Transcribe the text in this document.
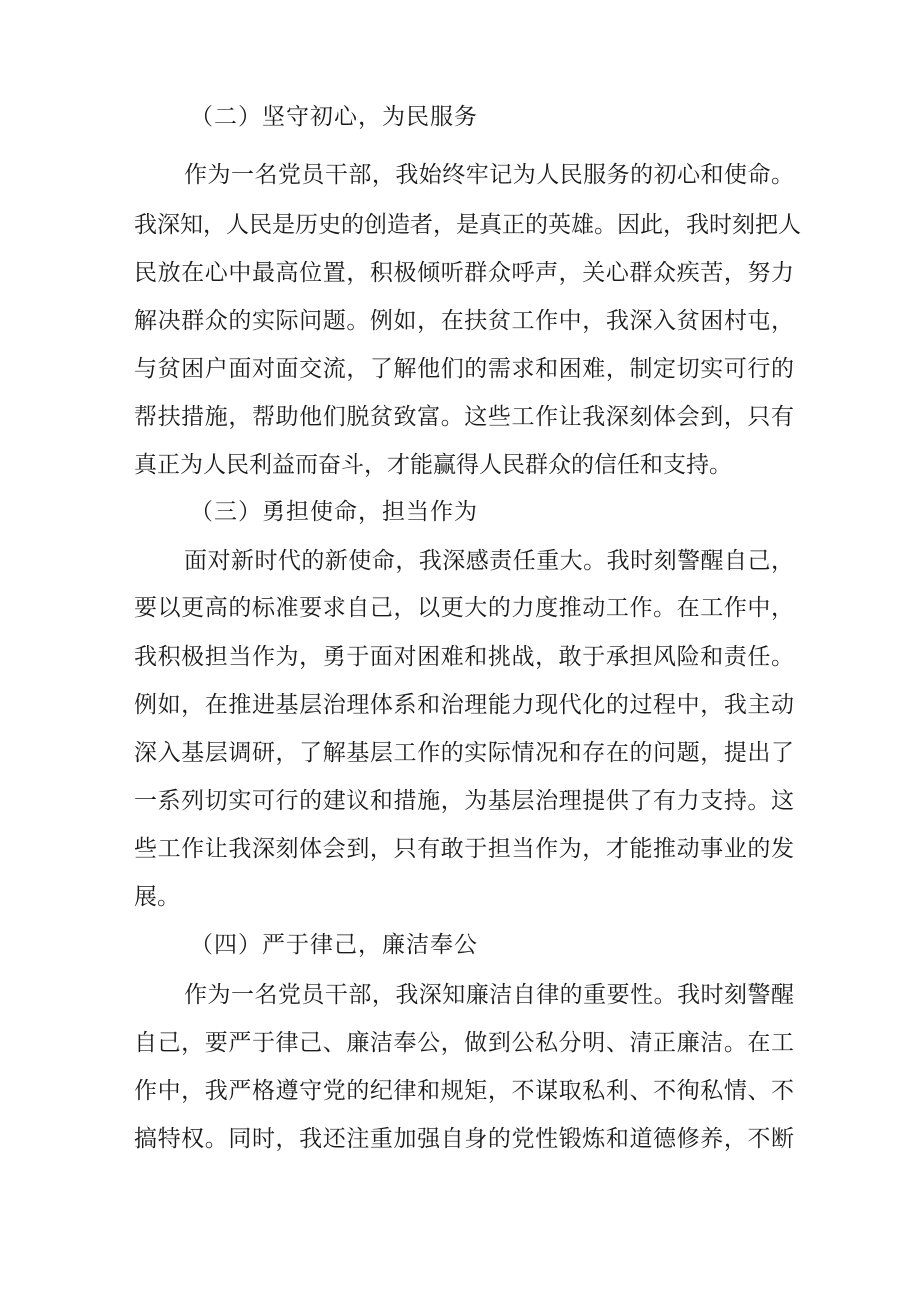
（二）坚守初心，为民服务
作为一名党员干部，我始终牢记为人民服务的初心和使命。
我深知，人民是历史的创造者，是真正的英雄。因此，我时刻把人
民放在心中最高位置，积极倾听群众呼声，关心群众疾苦，努力
解决群众的实际问题。例如，在扶贫工作中，我深入贫困村屯，
与贫困户面对面交流，了解他们的需求和困难，制定切实可行的
帮扶措施，帮助他们脱贫致富。这些工作让我深刻体会到，只有
真正为人民利益而奋斗，才能赢得人民群众的信任和支持。
（三）勇担使命，担当作为
面对新时代的新使命，我深感责任重大。我时刻警醒自己，
要以更高的标准要求自己，以更大的力度推动工作。在工作中，
我积极担当作为，勇于面对困难和挑战，敢于承担风险和责任。
例如，在推进基层治理体系和治理能力现代化的过程中，我主动
深入基层调研，了解基层工作的实际情况和存在的问题，提出了
一系列切实可行的建议和措施，为基层治理提供了有力支持。这
些工作让我深刻体会到，只有敢于担当作为，才能推动事业的发
展。
（四）严于律己，廉洁奉公
作为一名党员干部，我深知廉洁自律的重要性。我时刻警醒
自己，要严于律己、廉洁奉公，做到公私分明、清正廉洁。在工
作中，我严格遵守党的纪律和规矩，不谋取私利、不徇私情、不
搞特权。同时，我还注重加强自身的党性锻炼和道德修养，不断
